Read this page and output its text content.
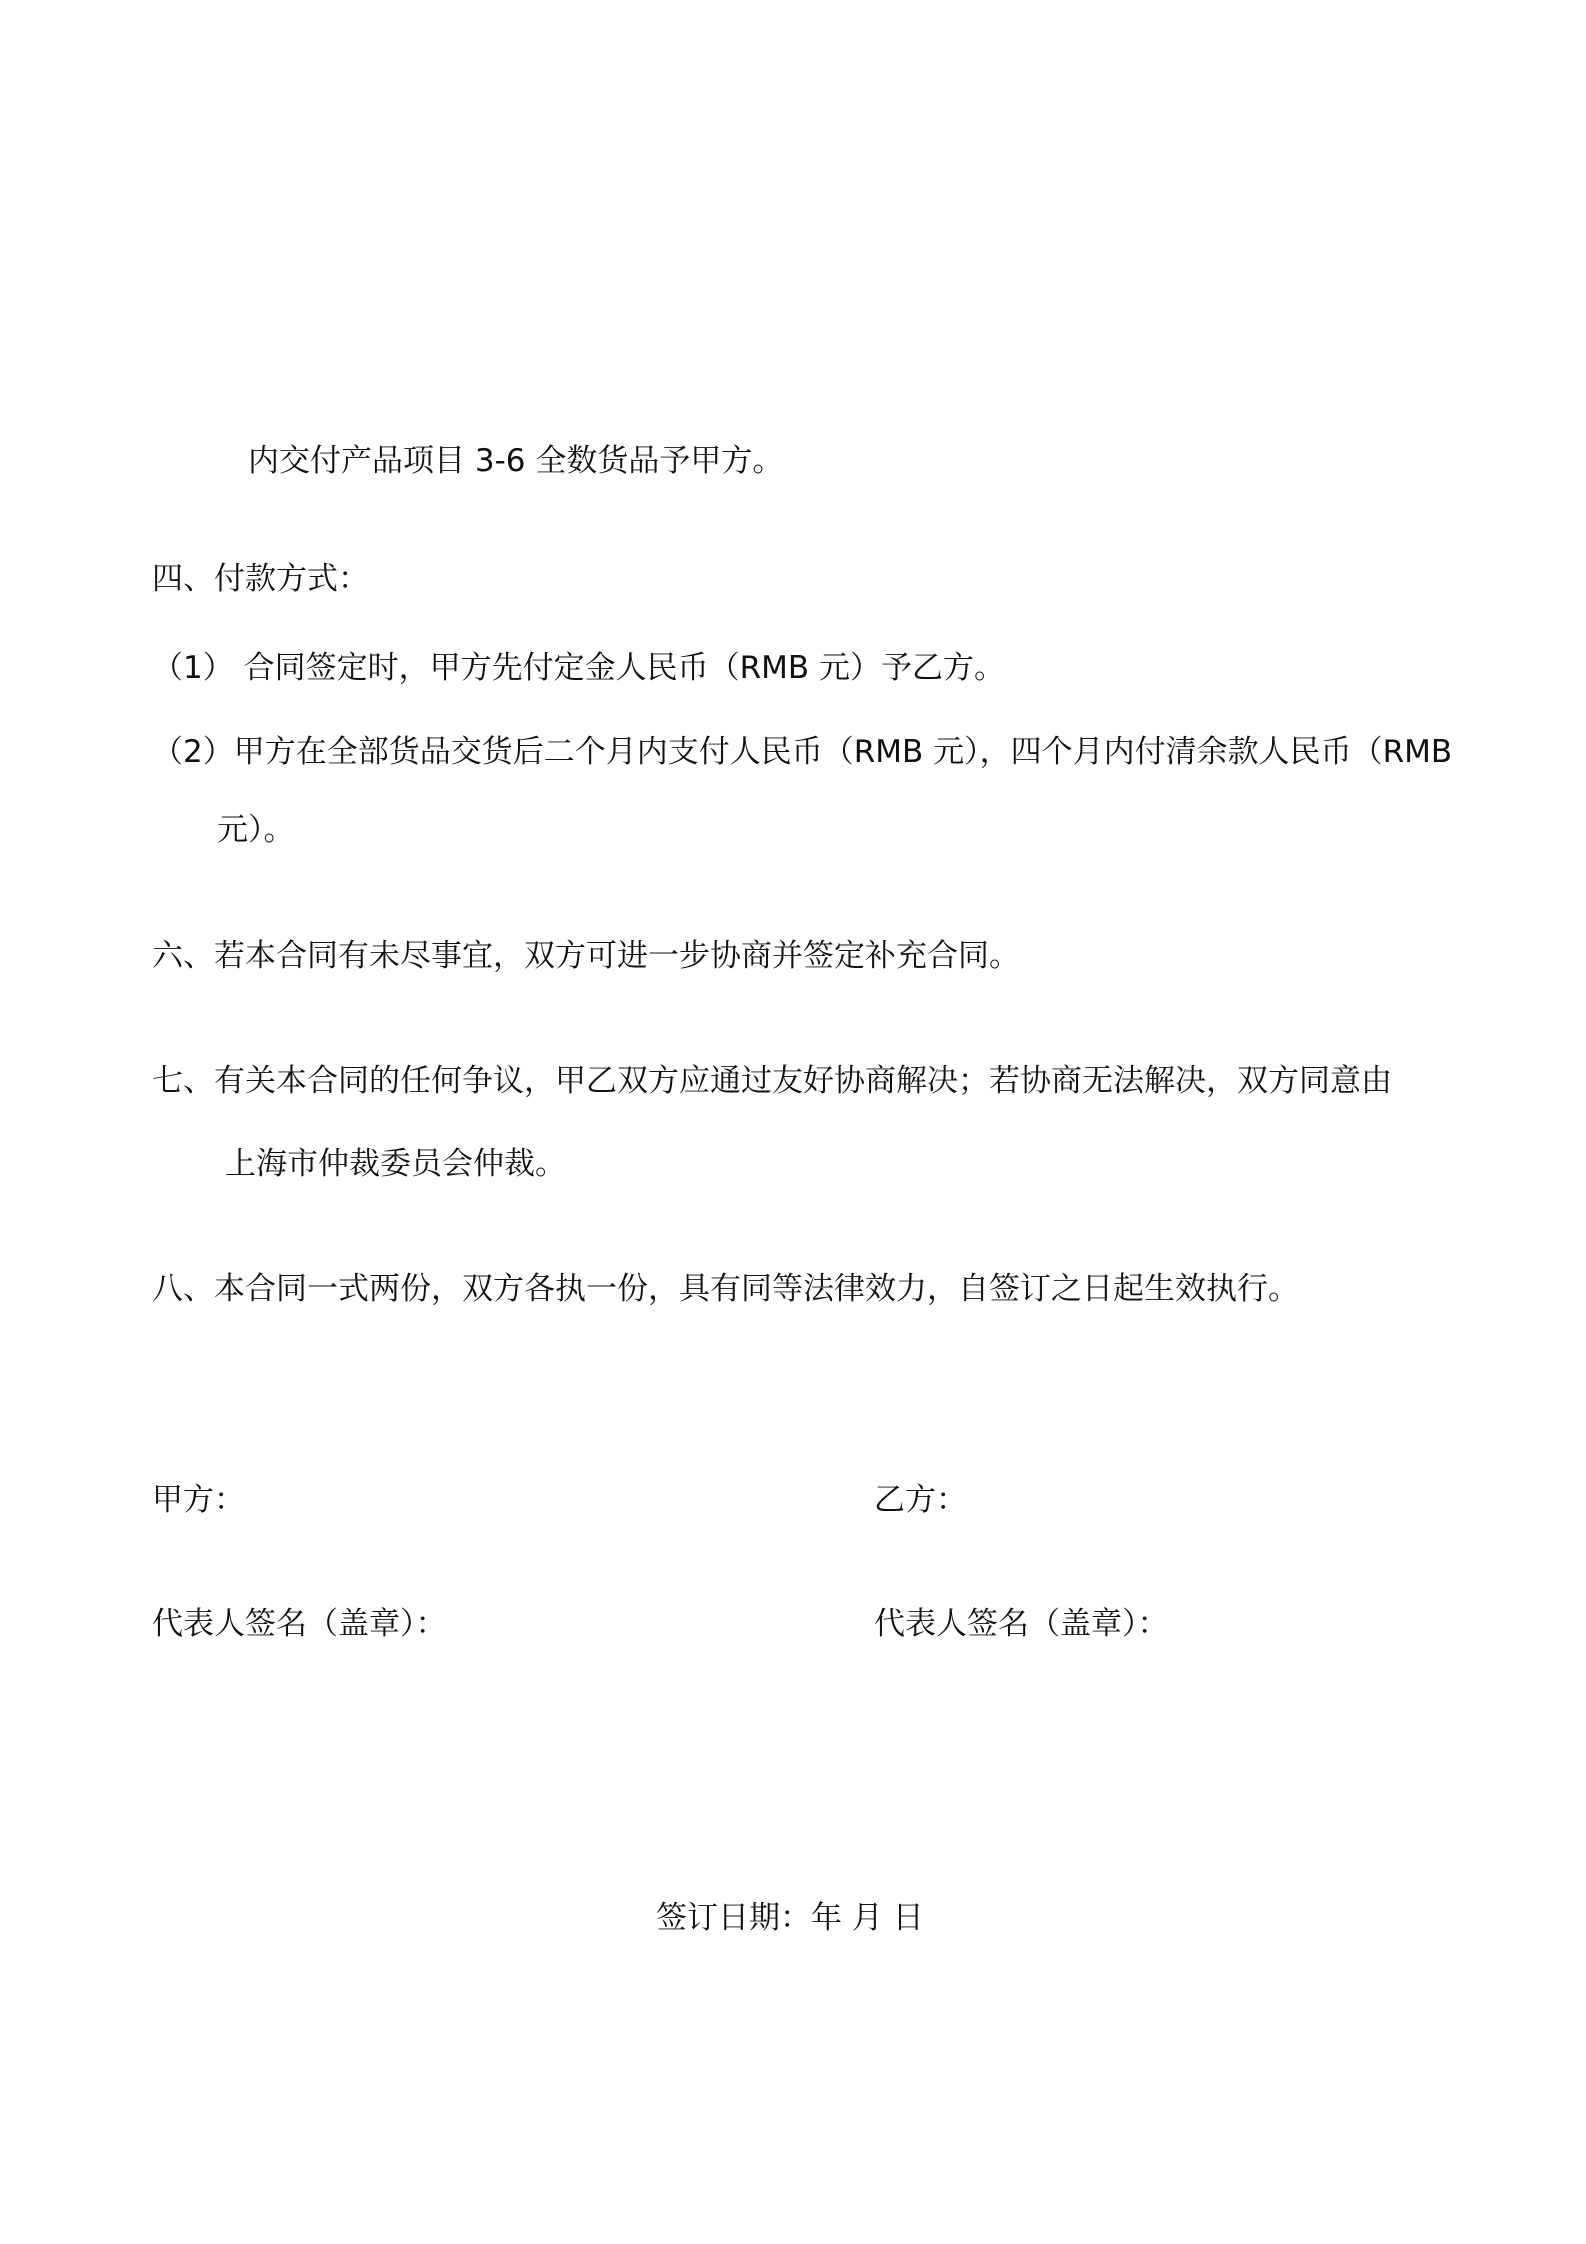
内交付产品项目 3-6 全数货品予甲方。

四、付款方式：

（1） 合同签定时，甲方先付定金人民币（RMB 元）予乙方。

（2）甲方在全部货品交货后二个月内支付人民币（RMB 元），四个月内付清余款人民币（RMB

元）。

六、若本合同有未尽事宜，双方可进一步协商并签定补充合同。

七、有关本合同的任何争议，甲乙双方应通过友好协商解决；若协商无法解决，双方同意由

上海市仲裁委员会仲裁。

八、本合同一式两份，双方各执一份，具有同等法律效力，自签订之日起生效执行。

甲方：	乙方：

代表人签名（盖章）：	代表人签名（盖章）：

签订日期：年 月 日
